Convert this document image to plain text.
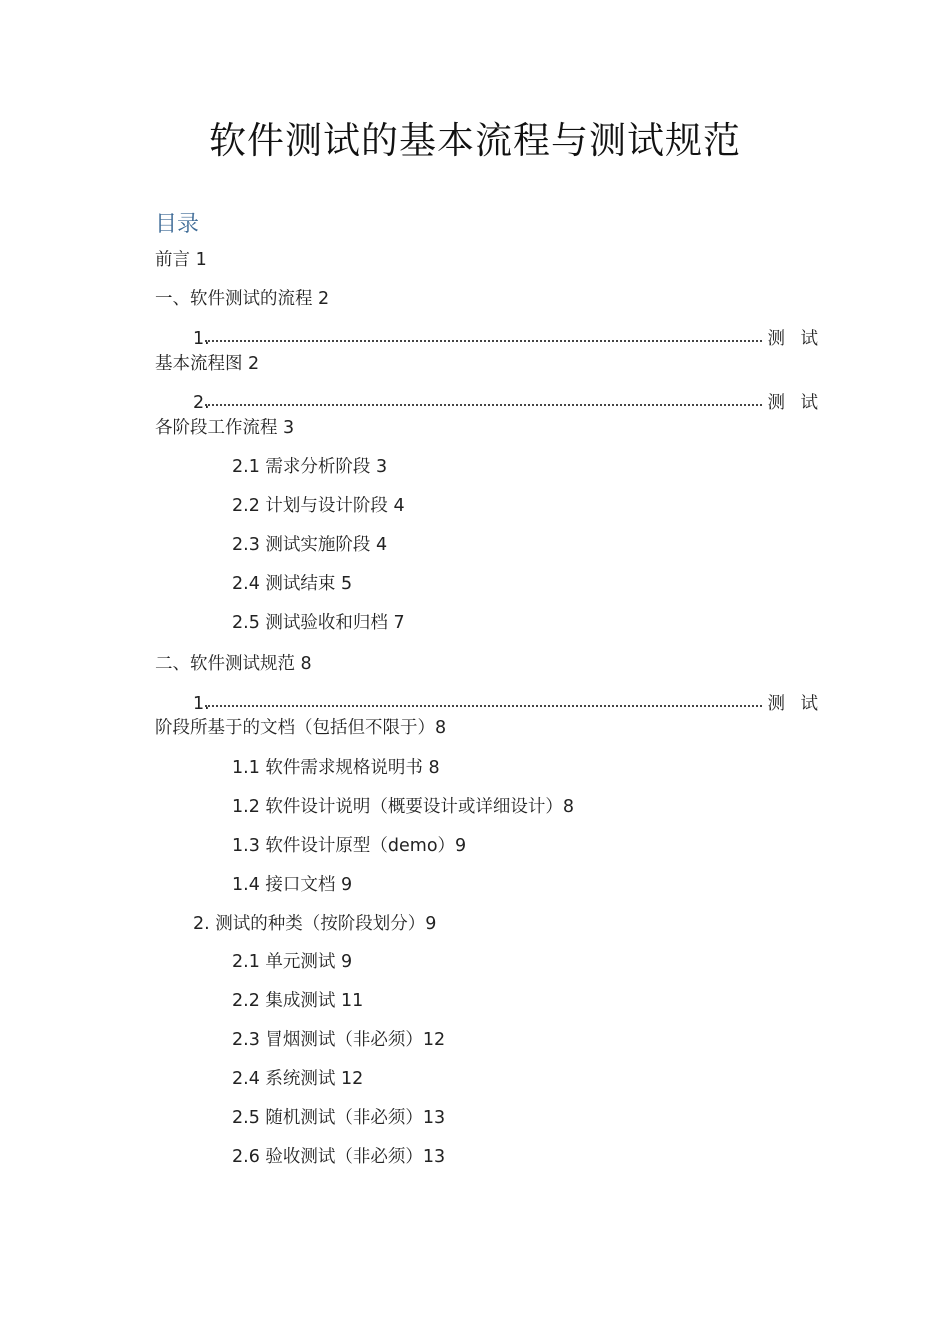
软件测试的基本流程与测试规范
目录
前言 1
一、软件测试的流程 2
1.	测 试
基本流程图 2
2.	测 试
各阶段工作流程 3
2.1 需求分析阶段 3
2.2 计划与设计阶段 4
2.3 测试实施阶段 4
2.4 测试结束 5
2.5 测试验收和归档 7
二、软件测试规范 8
1.	测 试
阶段所基于的文档（包括但不限于）8
1.1 软件需求规格说明书 8
1.2 软件设计说明（概要设计或详细设计）8
1.3 软件设计原型（demo）9
1.4 接口文档 9
2. 测试的种类（按阶段划分）9
2.1 单元测试 9
2.2 集成测试 11
2.3 冒烟测试（非必须）12
2.4 系统测试 12
2.5 随机测试（非必须）13
2.6 验收测试（非必须）13
